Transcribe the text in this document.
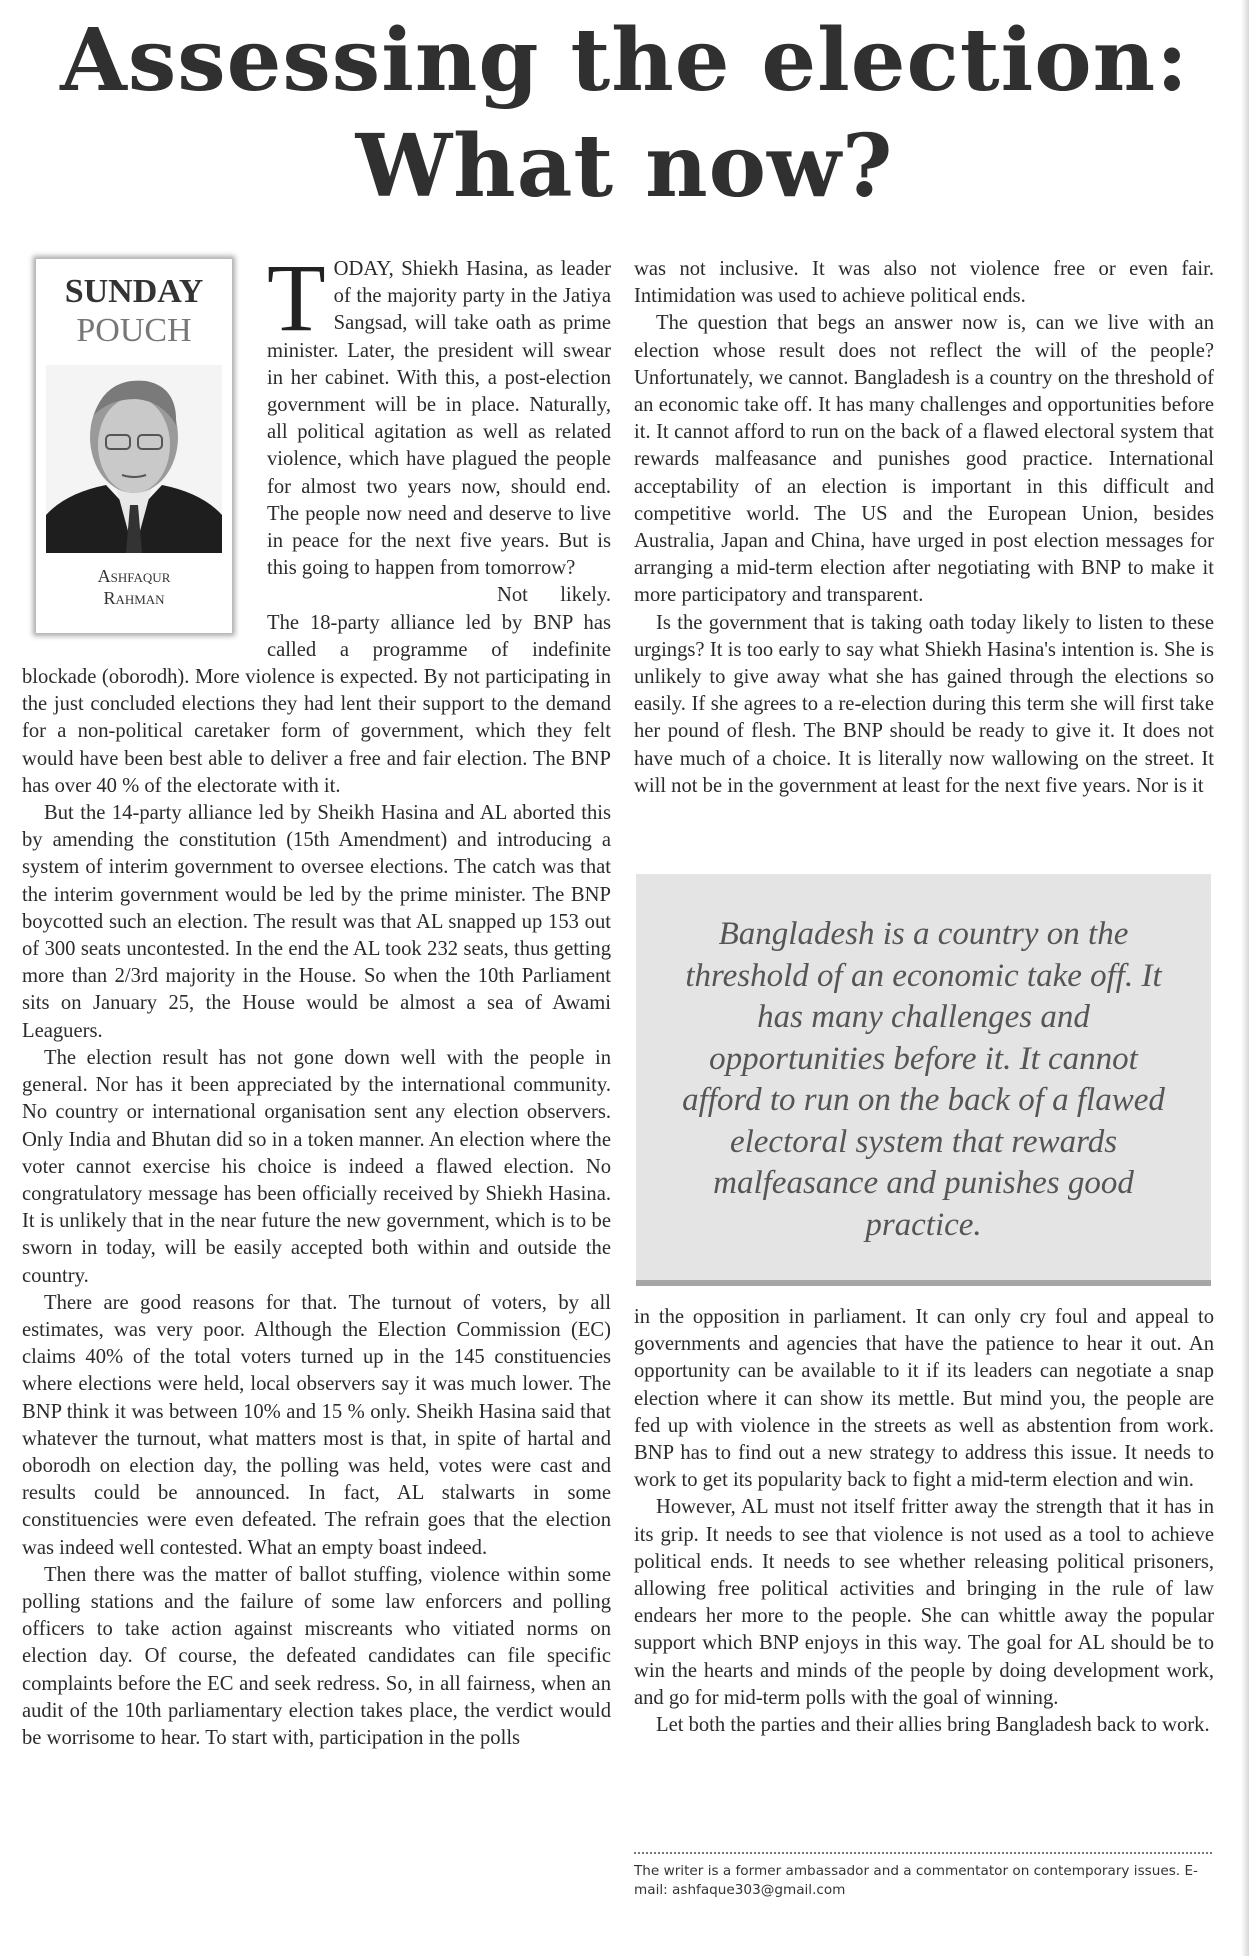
Assessing the election:
What now?
SUNDAY
POUCH
Ashfaqur
Rahman

TODAY, Shiekh Hasina, as leader of the majority party in the Jatiya Sangsad, will take oath as prime minister. Later, the president will swear in her cabinet. With this, a post-election government will be in place. Naturally, all political agitation as well as related violence, which have plagued the people for almost two years now, should end. The people now need and deserve to live in peace for the next five years. But is this going to happen from tomorrow?

Not likely. The 18-party alliance led by BNP has called a programme of indefinite blockade (oborodh). More violence is expected. By not participating in the just concluded elections they had lent their support to the demand for a non-political caretaker form of government, which they felt would have been best able to deliver a free and fair election. The BNP has over 40 % of the electorate with it.

But the 14-party alliance led by Sheikh Hasina and AL aborted this by amending the constitution (15th Amendment) and introducing a system of interim government to oversee elections. The catch was that the interim government would be led by the prime minister. The BNP boycotted such an election. The result was that AL snapped up 153 out of 300 seats uncontested. In the end the AL took 232 seats, thus getting more than 2/3rd majority in the House. So when the 10th Parliament sits on January 25, the House would be almost a sea of Awami Leaguers.

The election result has not gone down well with the people in general. Nor has it been appreciated by the international community. No country or international organisation sent any election observers. Only India and Bhutan did so in a token manner. An election where the voter cannot exercise his choice is indeed a flawed election. No congratulatory message has been officially received by Shiekh Hasina. It is unlikely that in the near future the new government, which is to be sworn in today, will be easily accepted both within and outside the country.

There are good reasons for that. The turnout of voters, by all estimates, was very poor. Although the Election Commission (EC) claims 40% of the total voters turned up in the 145 constituencies where elections were held, local observers say it was much lower. The BNP think it was between 10% and 15 % only. Sheikh Hasina said that whatever the turnout, what matters most is that, in spite of hartal and oborodh on election day, the polling was held, votes were cast and results could be announced. In fact, AL stalwarts in some constituencies were even defeated. The refrain goes that the election was indeed well contested. What an empty boast indeed.

Then there was the matter of ballot stuffing, violence within some polling stations and the failure of some law enforcers and polling officers to take action against miscreants who vitiated norms on election day. Of course, the defeated candidates can file specific complaints before the EC and seek redress. So, in all fairness, when an audit of the 10th parliamentary election takes place, the verdict would be worrisome to hear. To start with, participation in the polls

was not inclusive. It was also not violence free or even fair. Intimidation was used to achieve political ends.

The question that begs an answer now is, can we live with an election whose result does not reflect the will of the people? Unfortunately, we cannot. Bangladesh is a country on the threshold of an economic take off. It has many challenges and opportunities before it. It cannot afford to run on the back of a flawed electoral system that rewards malfeasance and punishes good practice. International acceptability of an election is important in this difficult and competitive world. The US and the European Union, besides Australia, Japan and China, have urged in post election messages for arranging a mid-term election after negotiating with BNP to make it more participatory and transparent.

Is the government that is taking oath today likely to listen to these urgings? It is too early to say what Shiekh Hasina's intention is. She is unlikely to give away what she has gained through the elections so easily. If she agrees to a re-election during this term she will first take her pound of flesh. The BNP should be ready to give it. It does not have much of a choice. It is literally now wallowing on the street. It will not be in the government at least for the next five years. Nor is it

Bangladesh is a country on the threshold of an economic take off. It has many challenges and opportunities before it. It cannot afford to run on the back of a flawed electoral system that rewards malfeasance and punishes good practice.

in the opposition in parliament. It can only cry foul and appeal to governments and agencies that have the patience to hear it out. An opportunity can be available to it if its leaders can negotiate a snap election where it can show its mettle. But mind you, the people are fed up with violence in the streets as well as abstention from work. BNP has to find out a new strategy to address this issue. It needs to work to get its popularity back to fight a mid-term election and win.

However, AL must not itself fritter away the strength that it has in its grip. It needs to see that violence is not used as a tool to achieve political ends. It needs to see whether releasing political prisoners, allowing free political activities and bringing in the rule of law endears her more to the people. She can whittle away the popular support which BNP enjoys in this way. The goal for AL should be to win the hearts and minds of the people by doing development work, and go for mid-term polls with the goal of winning.

Let both the parties and their allies bring Bangladesh back to work.

The writer is a former ambassador and a commentator on contemporary issues. E-mail: ashfaque303@gmail.com
